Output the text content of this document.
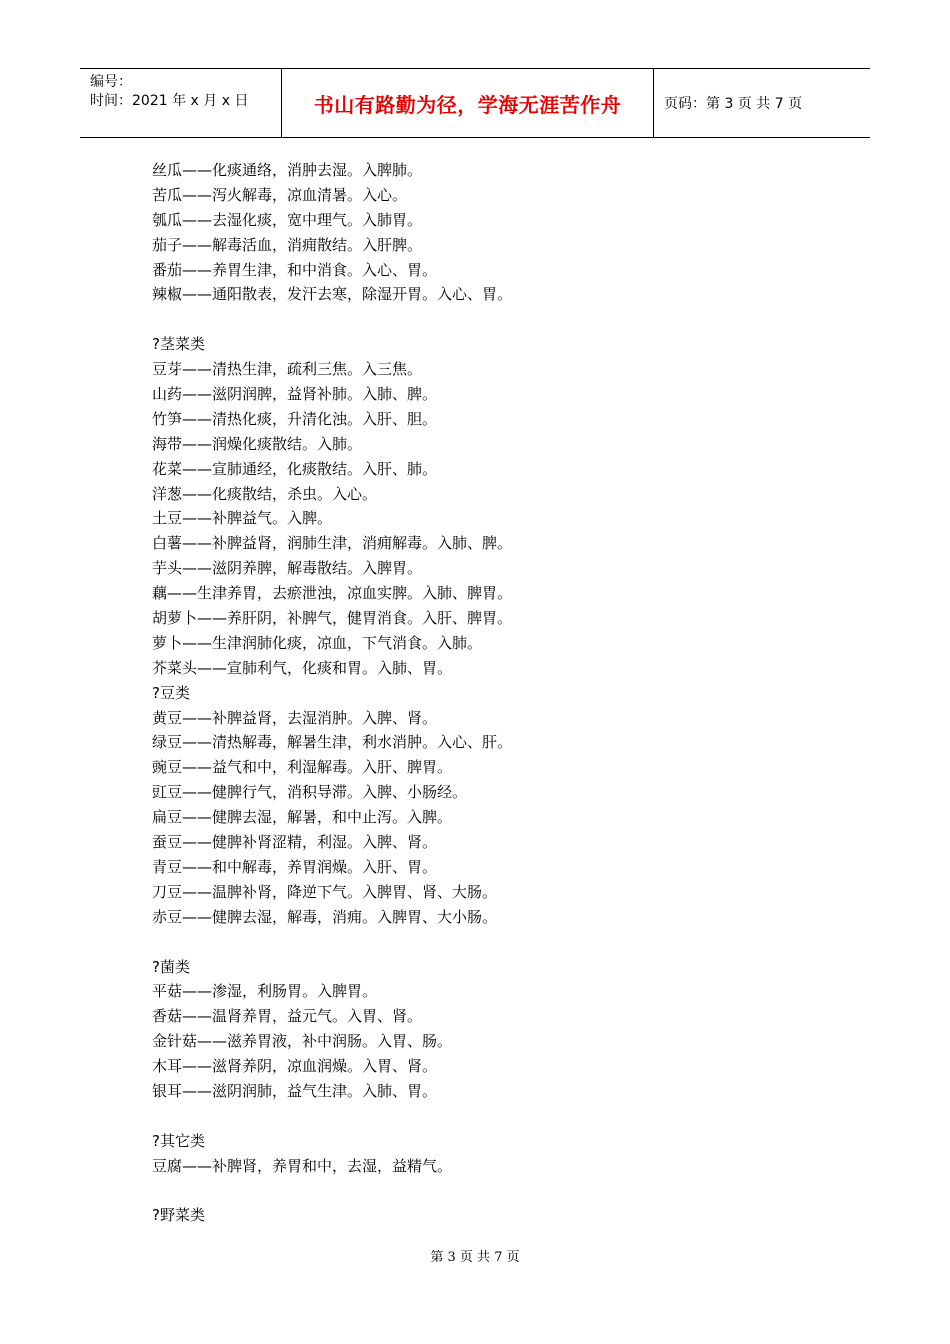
编号：
时间：2021 年 x 月 x 日	书山有路勤为径，学海无涯苦作舟	页码：第 3 页 共 7 页
丝瓜——化痰通络，消肿去湿。入脾肺。
苦瓜——泻火解毒，凉血清暑。入心。
瓠瓜——去湿化痰，宽中理气。入肺胃。
茄子——解毒活血，消痈散结。入肝脾。
番茄——养胃生津，和中消食。入心、胃。
辣椒——通阳散表，发汗去寒，除湿开胃。入心、胃。
?茎菜类
豆芽——清热生津，疏利三焦。入三焦。
山药——滋阴润脾，益肾补肺。入肺、脾。
竹笋——清热化痰，升清化浊。入肝、胆。
海带——润燥化痰散结。入肺。
花菜——宣肺通经，化痰散结。入肝、肺。
洋葱——化痰散结，杀虫。入心。
土豆——补脾益气。入脾。
白薯——补脾益肾，润肺生津，消痈解毒。入肺、脾。
芋头——滋阴养脾，解毒散结。入脾胃。
藕——生津养胃，去瘀泄浊，凉血实脾。入肺、脾胃。
胡萝卜——养肝阴，补脾气，健胃消食。入肝、脾胃。
萝卜——生津润肺化痰，凉血，下气消食。入肺。
芥菜头——宣肺利气，化痰和胃。入肺、胃。
?豆类
黄豆——补脾益肾，去湿消肿。入脾、肾。
绿豆——清热解毒，解暑生津，利水消肿。入心、肝。
豌豆——益气和中，利湿解毒。入肝、脾胃。
豇豆——健脾行气，消积导滞。入脾、小肠经。
扁豆——健脾去湿，解暑，和中止泻。入脾。
蚕豆——健脾补肾涩精，利湿。入脾、肾。
青豆——和中解毒，养胃润燥。入肝、胃。
刀豆——温脾补肾，降逆下气。入脾胃、肾、大肠。
赤豆——健脾去湿，解毒，消痈。入脾胃、大小肠。
?菌类
平菇——渗湿，利肠胃。入脾胃。
香菇——温肾养胃，益元气。入胃、肾。
金针菇——滋养胃液，补中润肠。入胃、肠。
木耳——滋肾养阴，凉血润燥。入胃、肾。
银耳——滋阴润肺，益气生津。入肺、胃。
?其它类
豆腐——补脾肾，养胃和中，去湿，益精气。
?野菜类
第 3 页 共 7 页
